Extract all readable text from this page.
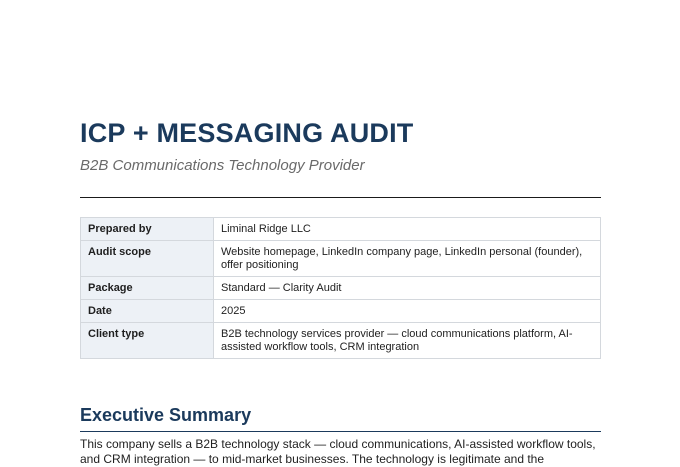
ICP + MESSAGING AUDIT
B2B Communications Technology Provider
Prepared by	Liminal Ridge LLC
Audit scope	Website homepage, LinkedIn company page, LinkedIn personal (founder), offer positioning
Package	Standard — Clarity Audit
Date	2025
Client type	B2B technology services provider — cloud communications platform, AI-assisted workflow tools, CRM integration
Executive Summary
This company sells a B2B technology stack — cloud communications, AI-assisted workflow tools, and CRM integration — to mid-market businesses. The technology is legitimate and the
